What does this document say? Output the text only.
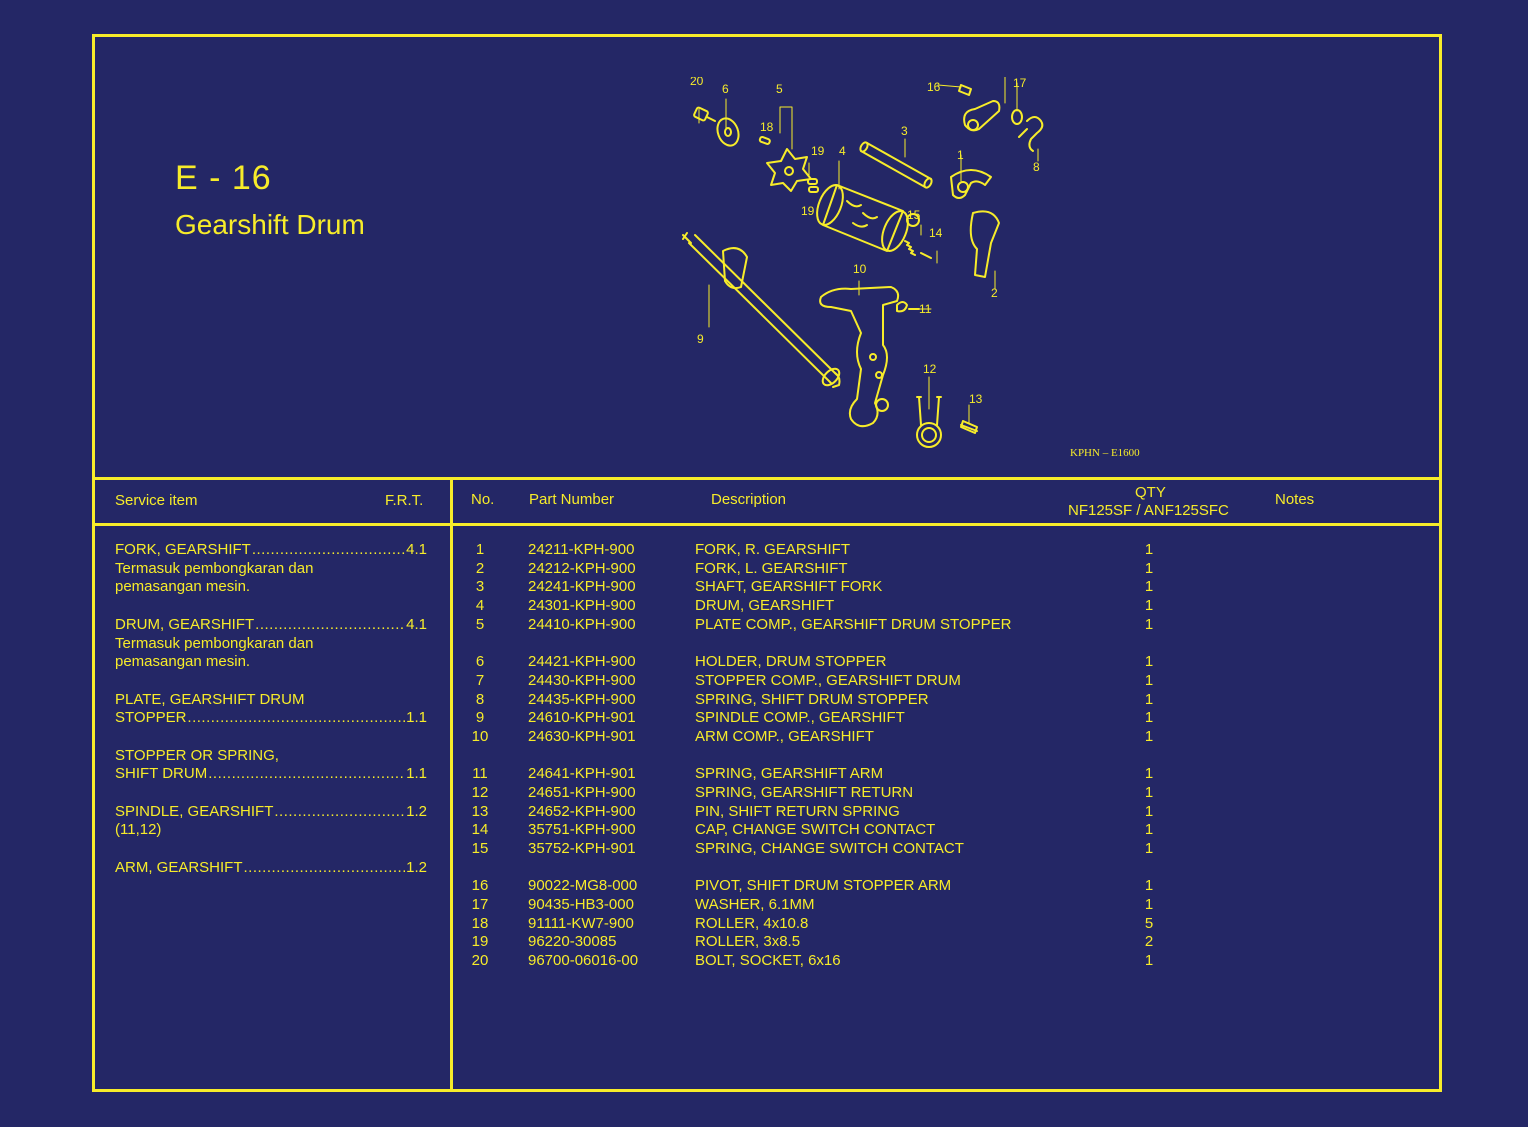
E - 16
Gearshift Drum
20
6	5
18
19 4
19
3
1
2
15
14
10
11
12
13
9
16	17
8
KPHN – E1600
Service item	F.R.T.	No. Part Number	Description	QTY
NF125SF / ANF125SFC
Notes
FORK, GEARSHIFT .....	4.1
Termasuk pembongkaran dan
pemasangan mesin.
DRUM, GEARSHIFT .....	4.1
Termasuk pembongkaran dan
pemasangan mesin.
PLATE, GEARSHIFT DRUM
STOPPER .....	1.1
STOPPER OR SPRING,
SHIFT DRUM .....	1.1
SPINDLE, GEARSHIFT .....	1.2
(11,12)
ARM, GEARSHIFT .....	1.2
1	24211-KPH-900	FORK, R. GEARSHIFT	1
2	24212-KPH-900	FORK, L. GEARSHIFT	1
3	24241-KPH-900	SHAFT, GEARSHIFT FORK	1
4	24301-KPH-900	DRUM, GEARSHIFT	1
5	24410-KPH-900	PLATE COMP., GEARSHIFT DRUM STOPPER	1
6	24421-KPH-900	HOLDER, DRUM STOPPER	1
7	24430-KPH-900	STOPPER COMP., GEARSHIFT DRUM	1
8	24435-KPH-900	SPRING, SHIFT DRUM STOPPER	1
9	24610-KPH-901	SPINDLE COMP., GEARSHIFT	1
10	24630-KPH-901	ARM COMP., GEARSHIFT	1
11	24641-KPH-901	SPRING, GEARSHIFT ARM	1
12	24651-KPH-900	SPRING, GEARSHIFT RETURN	1
13	24652-KPH-900	PIN, SHIFT RETURN SPRING	1
14	35751-KPH-900	CAP, CHANGE SWITCH CONTACT	1
15	35752-KPH-901	SPRING, CHANGE SWITCH CONTACT	1
16	90022-MG8-000	PIVOT, SHIFT DRUM STOPPER ARM	1
17	90435-HB3-000	WASHER, 6.1MM	1
18	91111-KW7-900	ROLLER, 4x10.8	5
19	96220-30085	ROLLER, 3x8.5	2
20	96700-06016-00	BOLT, SOCKET, 6x16	1
